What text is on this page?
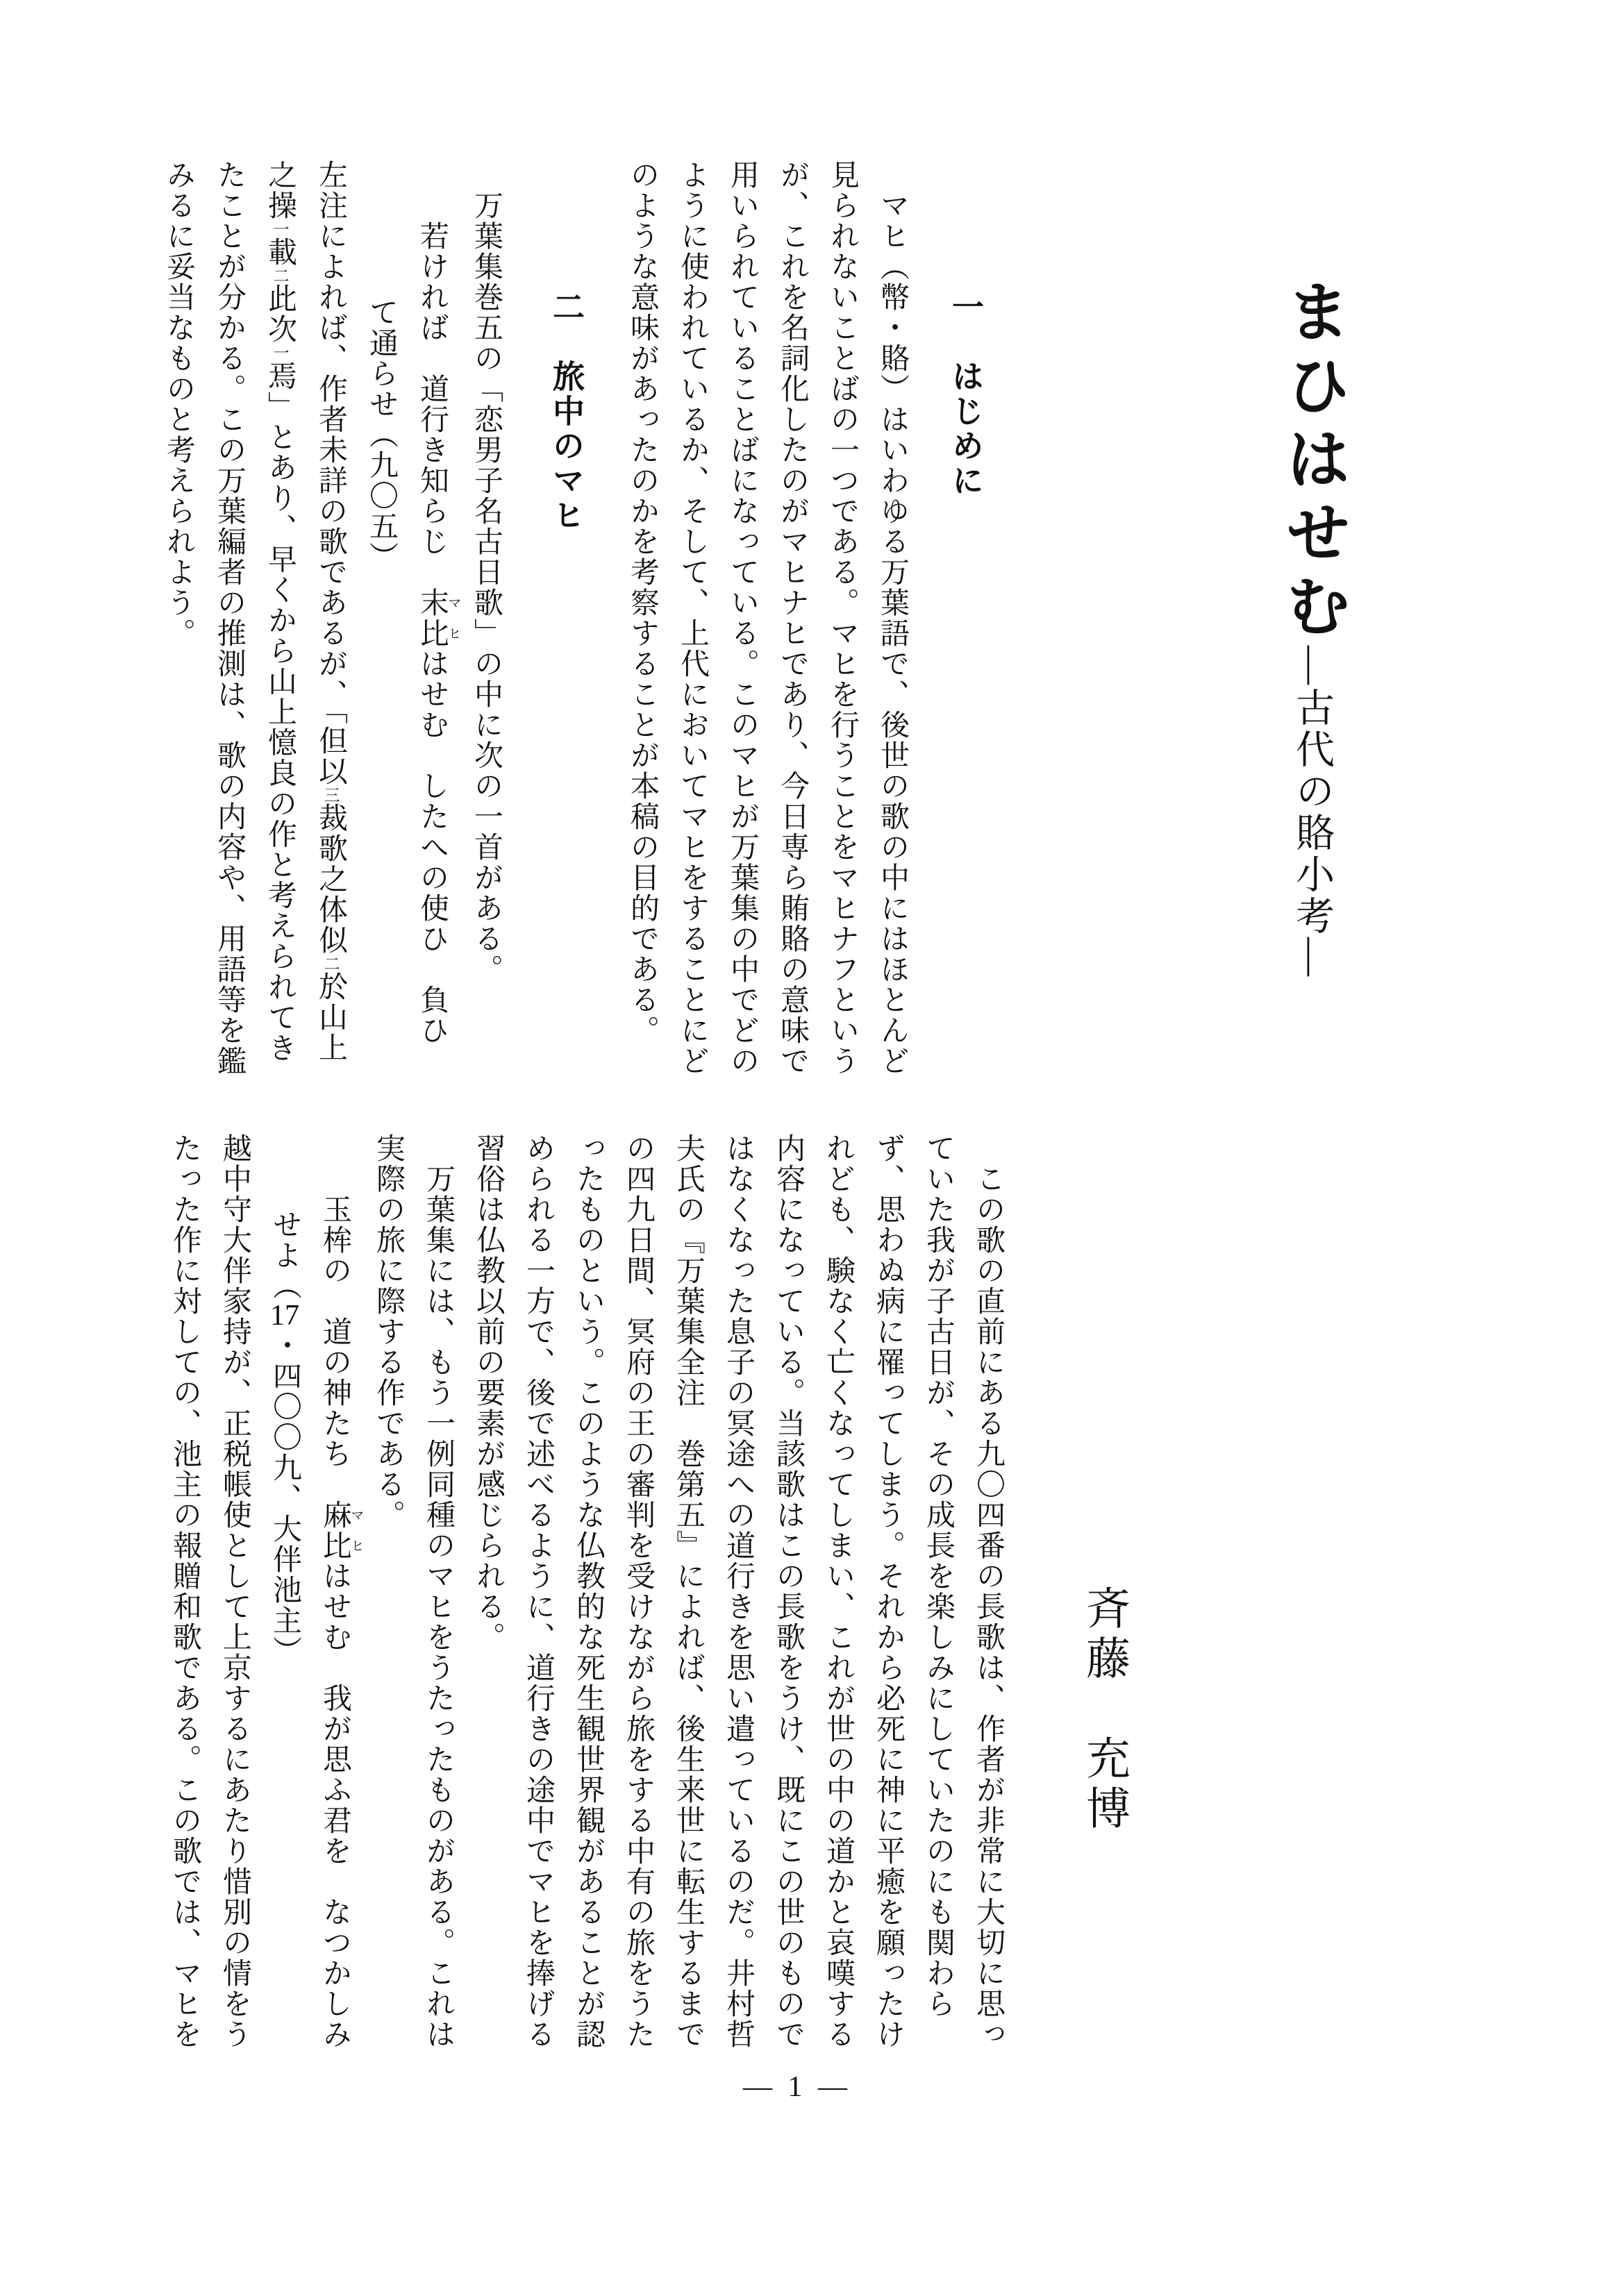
まひはせむ—古代の賂小考—
一　はじめに
マヒ（幣・賂）はいわゆる万葉語で、後世の歌の中にはほとんど
見られないことばの一つである。マヒを行うことをマヒナフという
が、これを名詞化したのがマヒナヒであり、今日専ら賄賂の意味で
用いられていることばになっている。このマヒが万葉集の中でどの
ように使われているか、そして、上代においてマヒをすることにど
のような意味があったのかを考察することが本稿の目的である。
二　旅中のマヒ
万葉集巻五の「恋男子名古日歌」の中に次の一首がある。
若ければ　道行き知らじ　末比マヒはせむ　したへの使ひ　負ひ
て通らせ（九〇五）
左注によれば、作者未詳の歌であるが、「但以三裁歌之体似二於山上
之操一載二此次一焉」とあり、早くから山上憶良の作と考えられてき
たことが分かる。この万葉編者の推測は、歌の内容や、用語等を鑑
みるに妥当なものと考えられよう。
斉藤　充博
この歌の直前にある九〇四番の長歌は、作者が非常に大切に思っ
ていた我が子古日が、その成長を楽しみにしていたのにも関わら
ず、思わぬ病に罹ってしまう。それから必死に神に平癒を願ったけ
れども、験なく亡くなってしまい、これが世の中の道かと哀嘆する
内容になっている。当該歌はこの長歌をうけ、既にこの世のもので
はなくなった息子の冥途への道行きを思い遣っているのだ。井村哲
夫氏の『万葉集全注　巻第五』によれば、後生来世に転生するまで
の四九日間、冥府の王の審判を受けながら旅をする中有の旅をうた
ったものという。このような仏教的な死生観世界観があることが認
められる一方で、後で述べるように、道行きの途中でマヒを捧げる
習俗は仏教以前の要素が感じられる。
万葉集には、もう一例同種のマヒをうたったものがある。これは
実際の旅に際する作である。
玉桙の　道の神たち　麻比マヒはせむ　我が思ふ君を　なつかしみ
せよ（17・四〇〇九、大伴池主）
越中守大伴家持が、正税帳使として上京するにあたり惜別の情をう
たった作に対しての、池主の報贈和歌である。この歌では、マヒを
— 1 —
